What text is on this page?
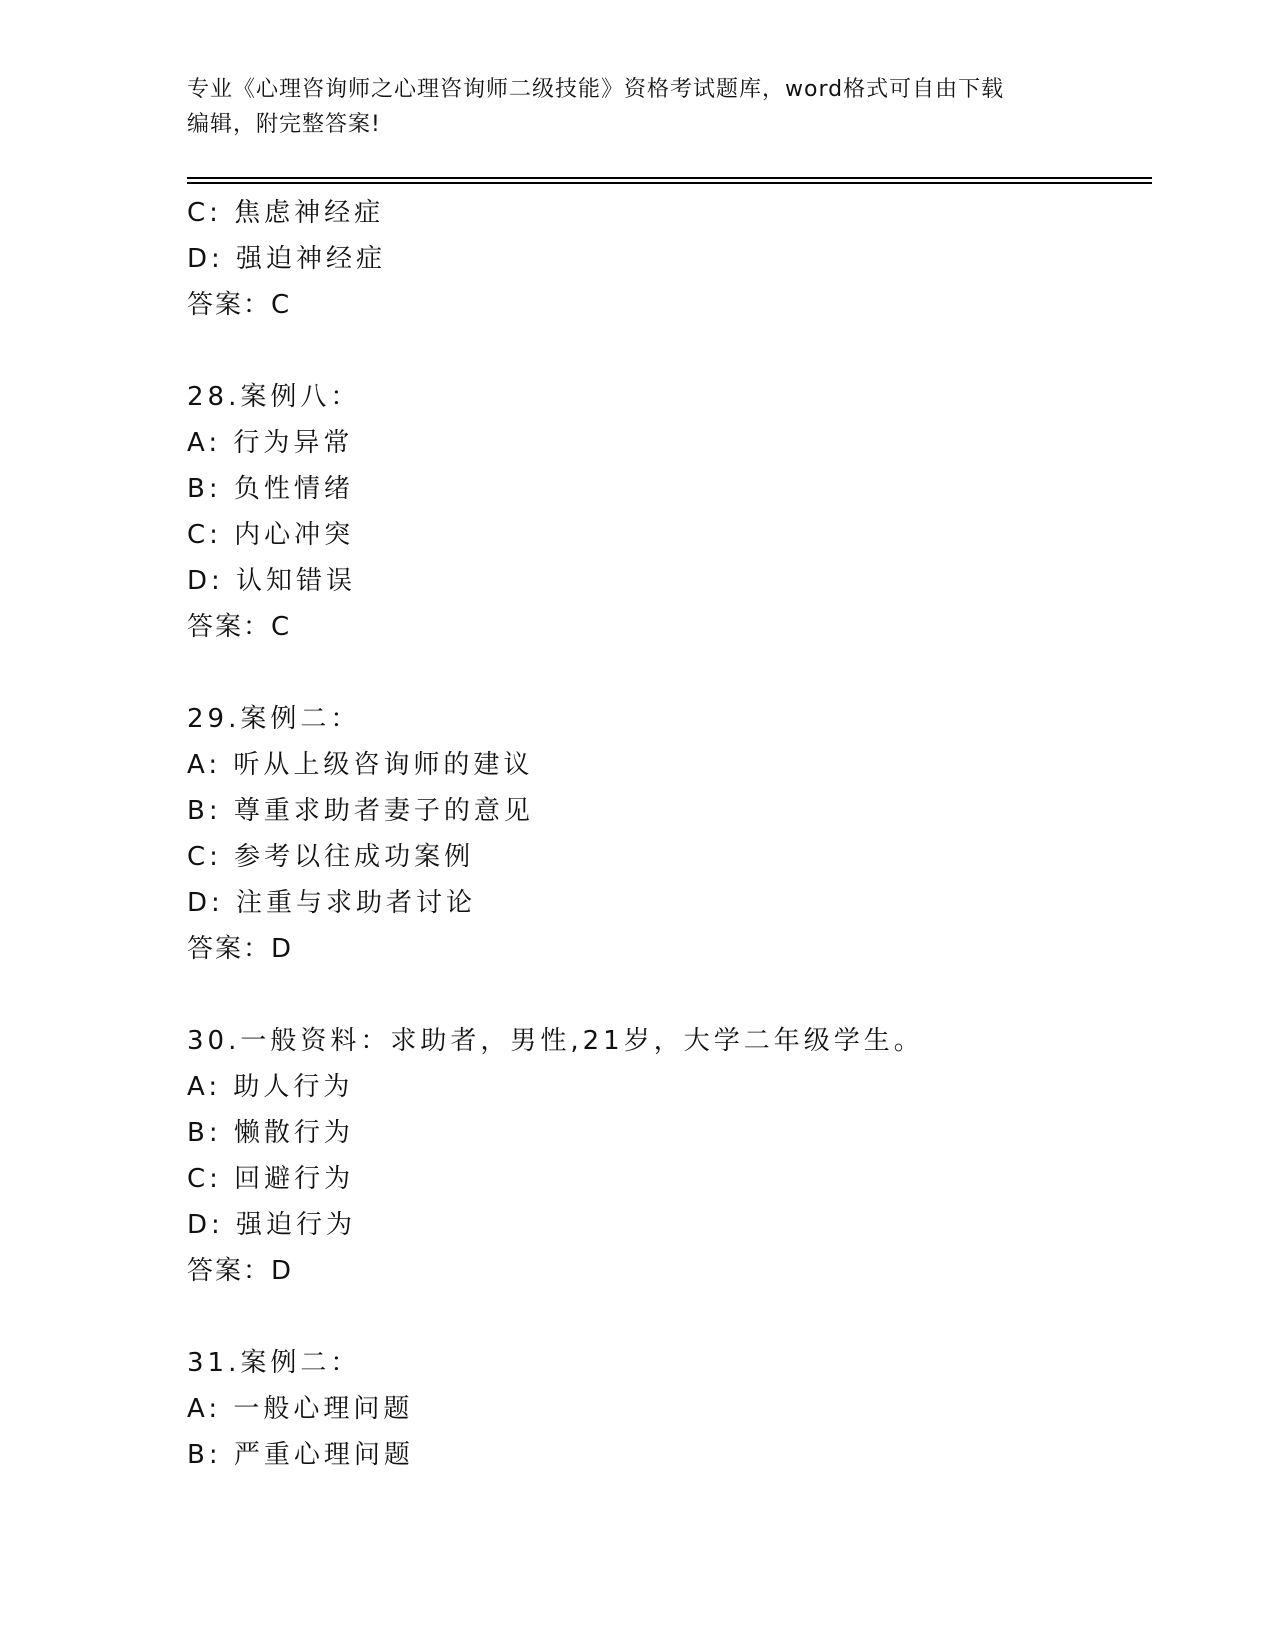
专业《心理咨询师之心理咨询师二级技能》资格考试题库，word格式可自由下载
编辑，附完整答案!
C: 焦虑神经症
D: 强迫神经症
答案：C
28.案例八：
A: 行为异常
B: 负性情绪
C: 内心冲突
D: 认知错误
答案：C
29.案例二：
A: 听从上级咨询师的建议
B: 尊重求助者妻子的意见
C: 参考以往成功案例
D: 注重与求助者讨论
答案：D
30.一般资料：求助者，男性,21岁，大学二年级学生。
A: 助人行为
B: 懒散行为
C: 回避行为
D: 强迫行为
答案：D
31.案例二：
A: 一般心理问题
B: 严重心理问题
